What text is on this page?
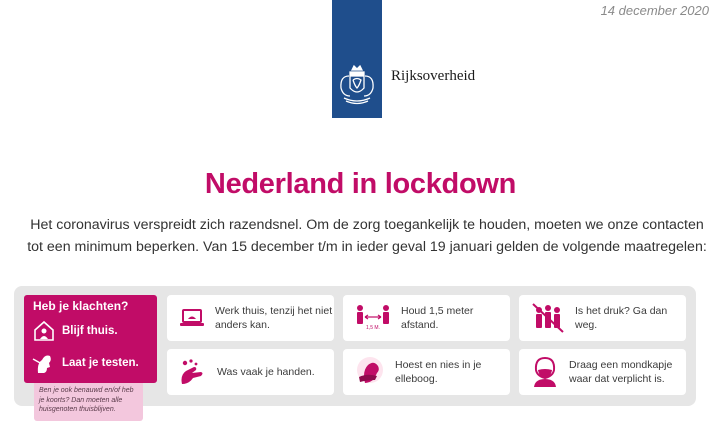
14 december 2020
Rijksoverheid
Nederland in lockdown

Het coronavirus verspreidt zich razendsnel. Om de zorg toegankelijk te houden, moeten we onze contacten tot een minimum beperken. Van 15 december t/m in ieder geval 19 januari gelden de volgende maatregelen:

Heb je klachten?
Blijf thuis.
Laat je testen.
Ben je ook benauwd en/of heb je koorts? Dan moeten alle huisgenoten thuisblijven.
Werk thuis, tenzij het niet anders kan.	1,5 M.
Houd 1,5 meter afstand.
Is het druk? Ga dan weg.
Was vaak je handen.
Hoest en nies in je elleboog.
Draag een mondkapje waar dat verplicht is.
